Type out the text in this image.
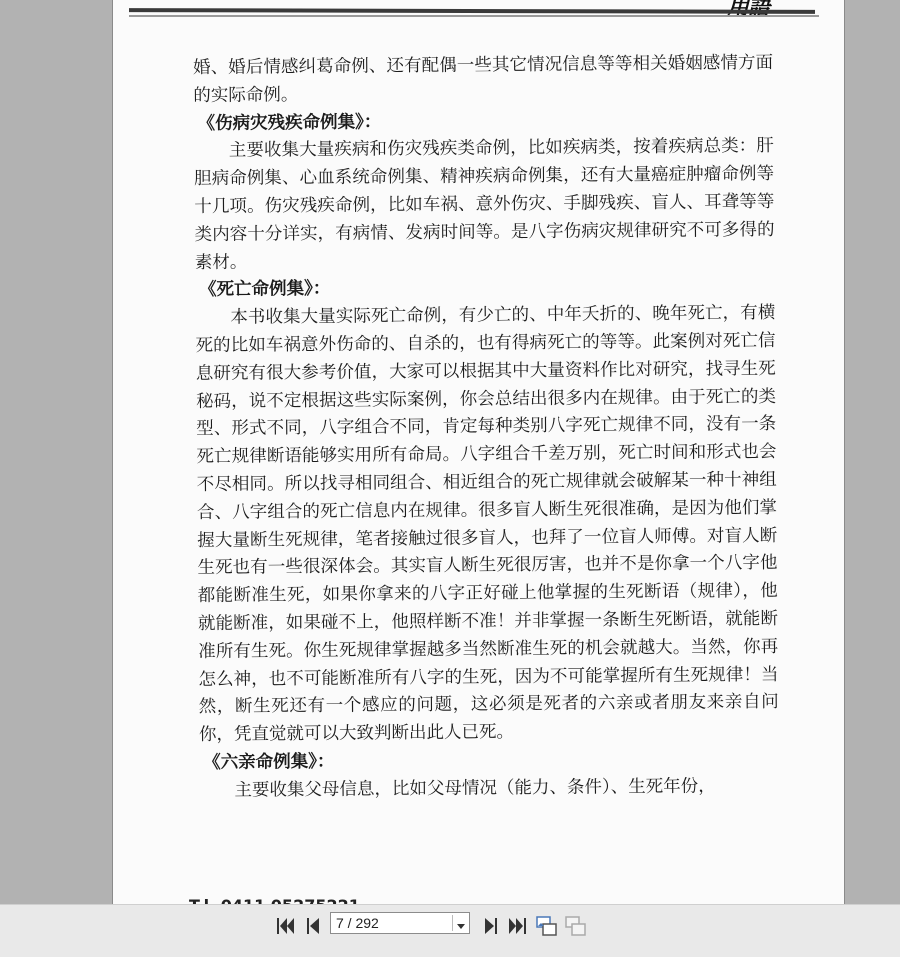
婚、婚后情感纠葛命例、还有配偶一些其它情况信息等等相关婚姻感情方面的实际命例。

《伤病灾残疾命例集》：

主要收集大量疾病和伤灾残疾类命例，比如疾病类，按着疾病总类：肝胆病命例集、心血系统命例集、精神疾病命例集，还有大量癌症肿瘤命例等十几项。伤灾残疾命例，比如车祸、意外伤灾、手脚残疾、盲人、耳聋等等类内容十分详实，有病情、发病时间等。是八字伤病灾规律研究不可多得的素材。

《死亡命例集》：

本书收集大量实际死亡命例，有少亡的、中年夭折的、晚年死亡，有横死的比如车祸意外伤命的、自杀的，也有得病死亡的等等。此案例对死亡信息研究有很大参考价值，大家可以根据其中大量资料作比对研究，找寻生死秘码，说不定根据这些实际案例，你会总结出很多内在规律。由于死亡的类型、形式不同，八字组合不同，肯定每种类别八字死亡规律不同，没有一条死亡规律断语能够实用所有命局。八字组合千差万别，死亡时间和形式也会不尽相同。所以找寻相同组合、相近组合的死亡规律就会破解某一种十神组合、八字组合的死亡信息内在规律。很多盲人断生死很准确，是因为他们掌握大量断生死规律，笔者接触过很多盲人，也拜了一位盲人师傅。对盲人断生死也有一些很深体会。其实盲人断生死很厉害，也并不是你拿一个八字他都能断准生死，如果你拿来的八字正好碰上他掌握的生死断语（规律），他就能断准，如果碰不上，他照样断不准！并非掌握一条断生死断语，就能断准所有生死。你生死规律掌握越多当然断准生死的机会就越大。当然，你再怎么神，也不可能断准所有八字的生死，因为不可能掌握所有生死规律！当然，断生死还有一个感应的问题，这必须是死者的六亲或者朋友来亲自问你，凭直觉就可以大致判断出此人已死。

《六亲命例集》：

主要收集父母信息，比如父母情况（能力、条件）、生死年份，

7 / 292
